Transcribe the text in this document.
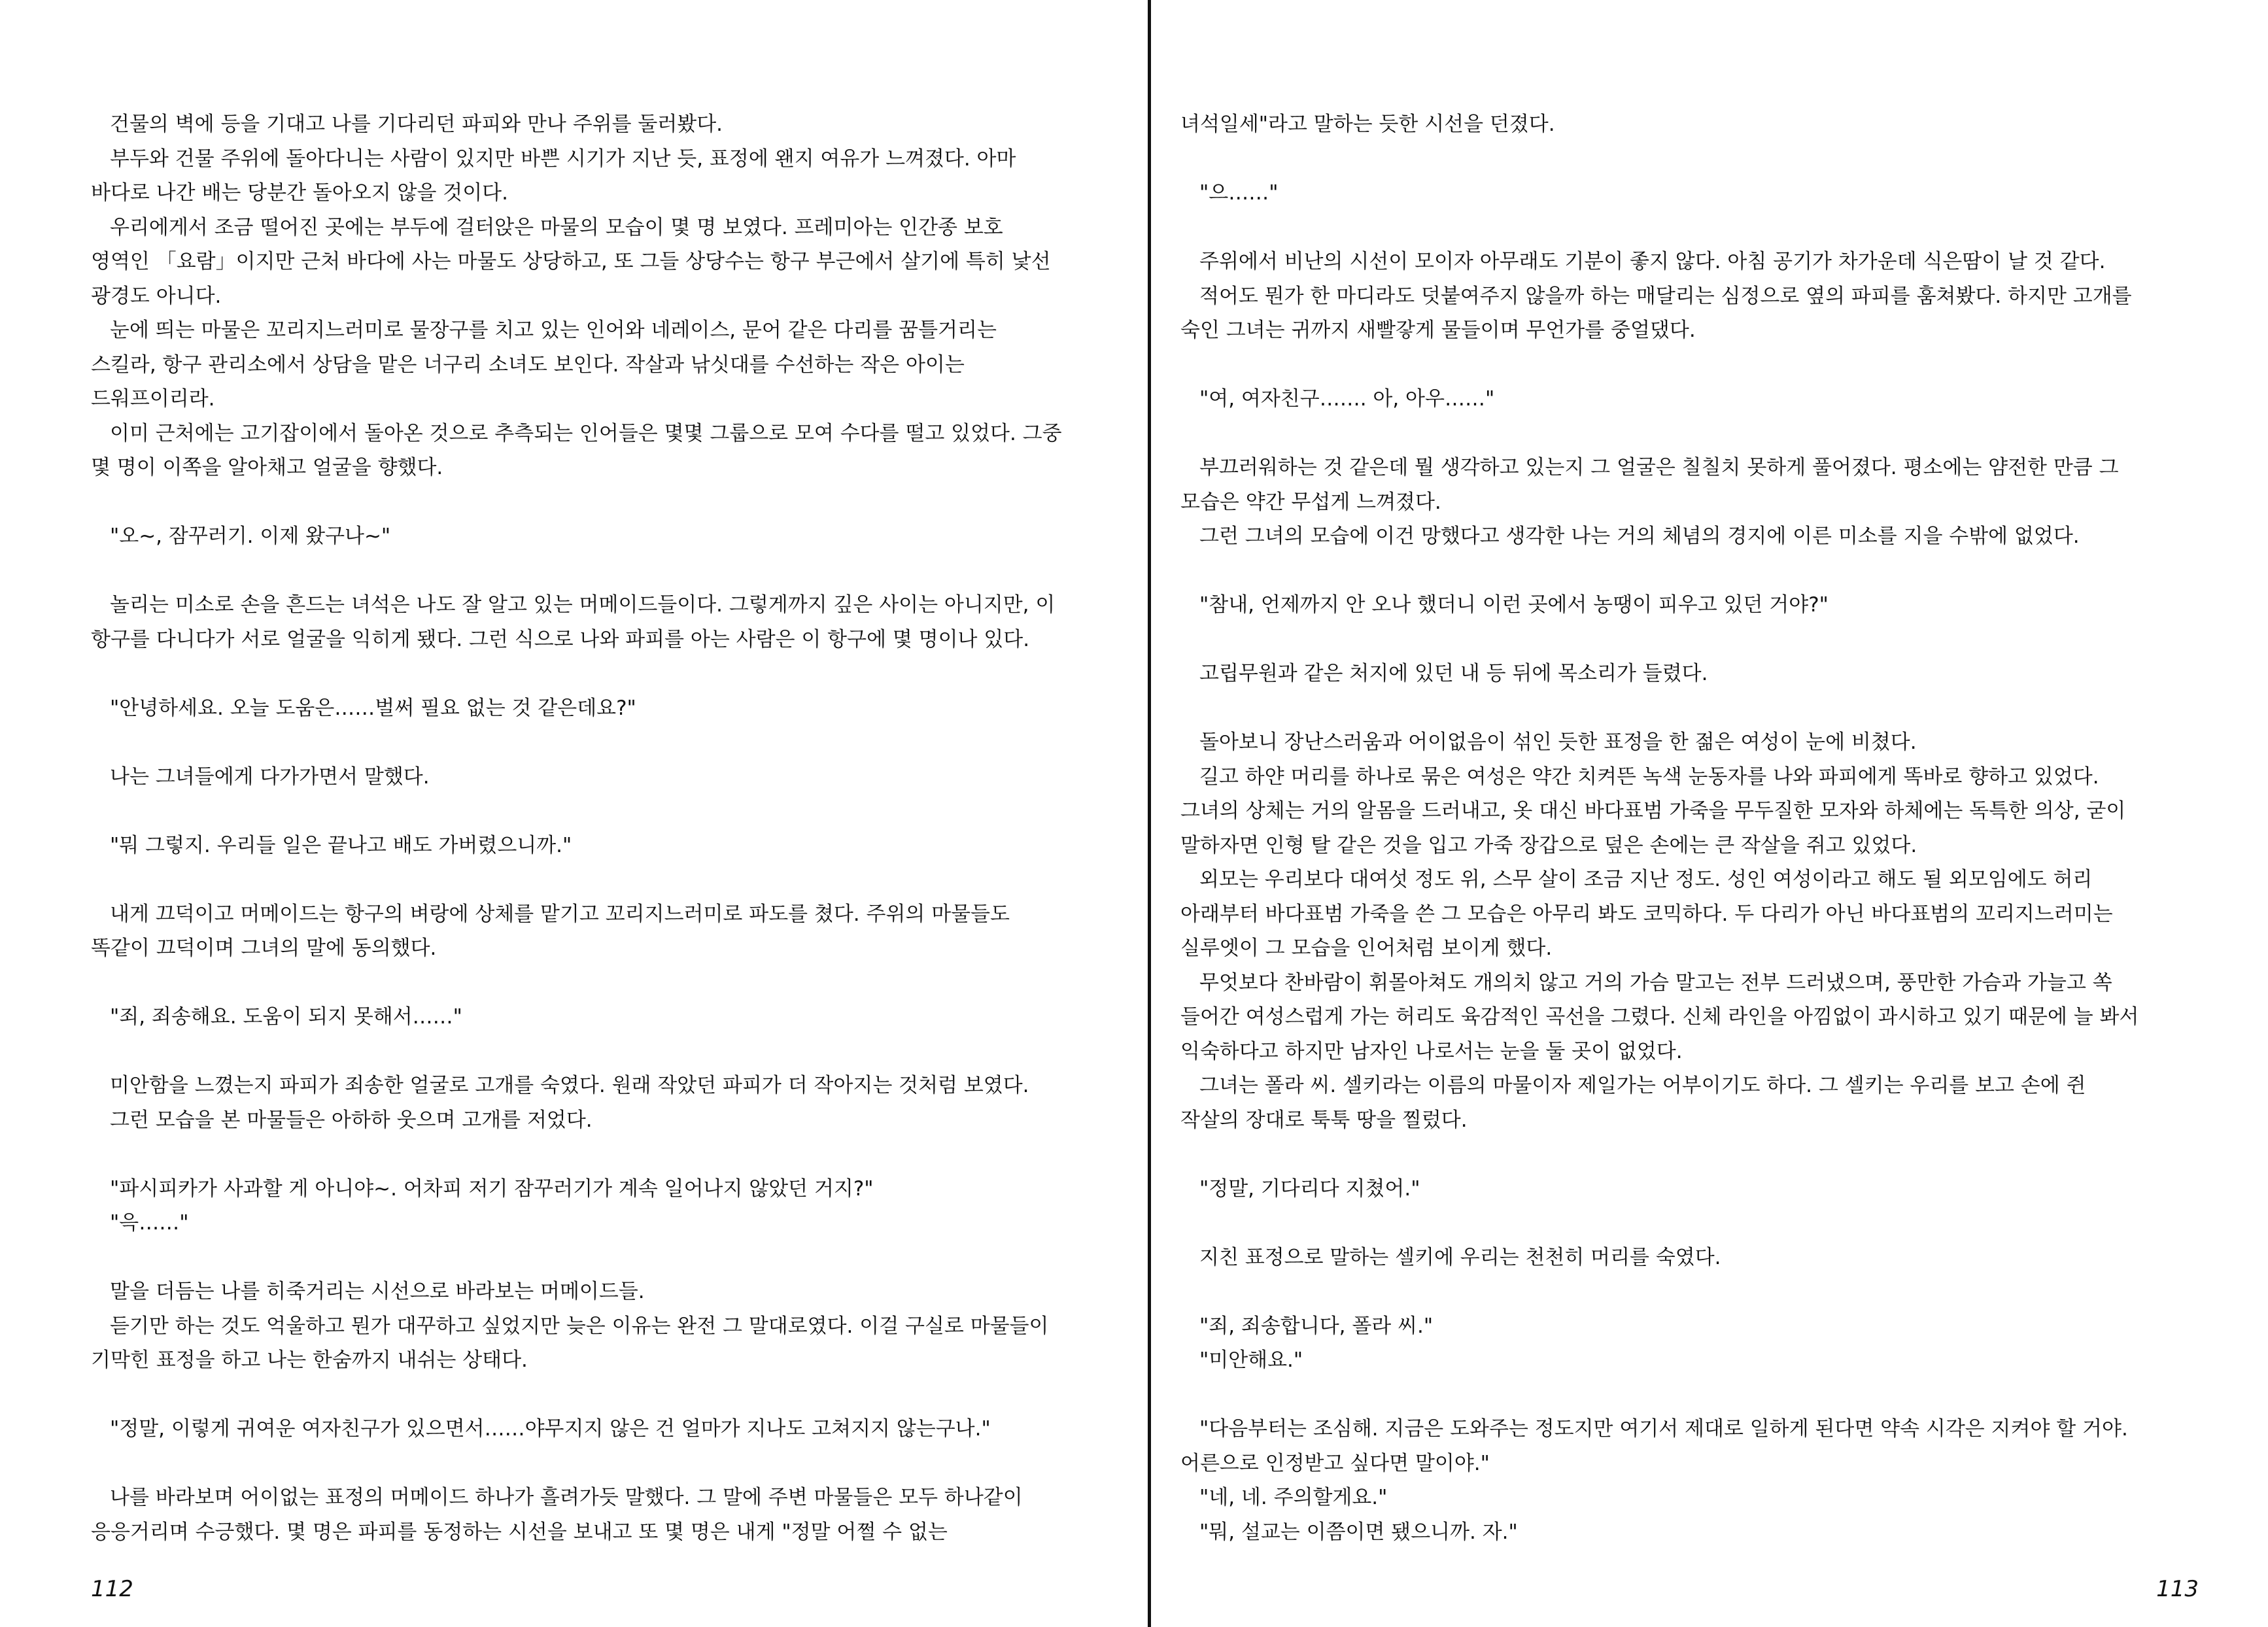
건물의 벽에 등을 기대고 나를 기다리던 파피와 만나 주위를 둘러봤다.
부두와 건물 주위에 돌아다니는 사람이 있지만 바쁜 시기가 지난 듯, 표정에 왠지 여유가 느껴졌다. 아마
바다로 나간 배는 당분간 돌아오지 않을 것이다.
우리에게서 조금 떨어진 곳에는 부두에 걸터앉은 마물의 모습이 몇 명 보였다. 프레미아는 인간종 보호
영역인 「요람」이지만 근처 바다에 사는 마물도 상당하고, 또 그들 상당수는 항구 부근에서 살기에 특히 낯선
광경도 아니다.
눈에 띄는 마물은 꼬리지느러미로 물장구를 치고 있는 인어와 네레이스, 문어 같은 다리를 꿈틀거리는
스킬라, 항구 관리소에서 상담을 맡은 너구리 소녀도 보인다. 작살과 낚싯대를 수선하는 작은 아이는
드워프이리라.
이미 근처에는 고기잡이에서 돌아온 것으로 추측되는 인어들은 몇몇 그룹으로 모여 수다를 떨고 있었다. 그중
몇 명이 이쪽을 알아채고 얼굴을 향했다.
"오~, 잠꾸러기. 이제 왔구나~"
놀리는 미소로 손을 흔드는 녀석은 나도 잘 알고 있는 머메이드들이다. 그렇게까지 깊은 사이는 아니지만, 이
항구를 다니다가 서로 얼굴을 익히게 됐다. 그런 식으로 나와 파피를 아는 사람은 이 항구에 몇 명이나 있다.
"안녕하세요. 오늘 도움은……벌써 필요 없는 것 같은데요?"
나는 그녀들에게 다가가면서 말했다.
"뭐 그렇지. 우리들 일은 끝나고 배도 가버렸으니까."
내게 끄덕이고 머메이드는 항구의 벼랑에 상체를 맡기고 꼬리지느러미로 파도를 쳤다. 주위의 마물들도
똑같이 끄덕이며 그녀의 말에 동의했다.
"죄, 죄송해요. 도움이 되지 못해서……"
미안함을 느꼈는지 파피가 죄송한 얼굴로 고개를 숙였다. 원래 작았던 파피가 더 작아지는 것처럼 보였다.
그런 모습을 본 마물들은 아하하 웃으며 고개를 저었다.
"파시피카가 사과할 게 아니야~. 어차피 저기 잠꾸러기가 계속 일어나지 않았던 거지?"
"윽……"
말을 더듬는 나를 히죽거리는 시선으로 바라보는 머메이드들.
듣기만 하는 것도 억울하고 뭔가 대꾸하고 싶었지만 늦은 이유는 완전 그 말대로였다. 이걸 구실로 마물들이
기막힌 표정을 하고 나는 한숨까지 내쉬는 상태다.
"정말, 이렇게 귀여운 여자친구가 있으면서……야무지지 않은 건 얼마가 지나도 고쳐지지 않는구나."
나를 바라보며 어이없는 표정의 머메이드 하나가 흘려가듯 말했다. 그 말에 주변 마물들은 모두 하나같이
응응거리며 수긍했다. 몇 명은 파피를 동정하는 시선을 보내고 또 몇 명은 내게 "정말 어쩔 수 없는
112
녀석일세"라고 말하는 듯한 시선을 던졌다.
"으……"
주위에서 비난의 시선이 모이자 아무래도 기분이 좋지 않다. 아침 공기가 차가운데 식은땀이 날 것 같다.
적어도 뭔가 한 마디라도 덧붙여주지 않을까 하는 매달리는 심정으로 옆의 파피를 훔쳐봤다. 하지만 고개를
숙인 그녀는 귀까지 새빨갛게 물들이며 무언가를 중얼댔다.
"여, 여자친구……. 아, 아우……"
부끄러워하는 것 같은데 뭘 생각하고 있는지 그 얼굴은 칠칠치 못하게 풀어졌다. 평소에는 얌전한 만큼 그
모습은 약간 무섭게 느껴졌다.
그런 그녀의 모습에 이건 망했다고 생각한 나는 거의 체념의 경지에 이른 미소를 지을 수밖에 없었다.
"참내, 언제까지 안 오나 했더니 이런 곳에서 농땡이 피우고 있던 거야?"
고립무원과 같은 처지에 있던 내 등 뒤에 목소리가 들렸다.
돌아보니 장난스러움과 어이없음이 섞인 듯한 표정을 한 젊은 여성이 눈에 비쳤다.
길고 하얀 머리를 하나로 묶은 여성은 약간 치켜뜬 녹색 눈동자를 나와 파피에게 똑바로 향하고 있었다.
그녀의 상체는 거의 알몸을 드러내고, 옷 대신 바다표범 가죽을 무두질한 모자와 하체에는 독특한 의상, 굳이
말하자면 인형 탈 같은 것을 입고 가죽 장갑으로 덮은 손에는 큰 작살을 쥐고 있었다.
외모는 우리보다 대여섯 정도 위, 스무 살이 조금 지난 정도. 성인 여성이라고 해도 될 외모임에도 허리
아래부터 바다표범 가죽을 쓴 그 모습은 아무리 봐도 코믹하다. 두 다리가 아닌 바다표범의 꼬리지느러미는
실루엣이 그 모습을 인어처럼 보이게 했다.
무엇보다 찬바람이 휘몰아쳐도 개의치 않고 거의 가슴 말고는 전부 드러냈으며, 풍만한 가슴과 가늘고 쏙
들어간 여성스럽게 가는 허리도 육감적인 곡선을 그렸다. 신체 라인을 아낌없이 과시하고 있기 때문에 늘 봐서
익숙하다고 하지만 남자인 나로서는 눈을 둘 곳이 없었다.
그녀는 폴라 씨. 셀키라는 이름의 마물이자 제일가는 어부이기도 하다. 그 셀키는 우리를 보고 손에 쥔
작살의 장대로 툭툭 땅을 찔렀다.
"정말, 기다리다 지쳤어."
지친 표정으로 말하는 셀키에 우리는 천천히 머리를 숙였다.
"죄, 죄송합니다, 폴라 씨."
"미안해요."
"다음부터는 조심해. 지금은 도와주는 정도지만 여기서 제대로 일하게 된다면 약속 시각은 지켜야 할 거야.
어른으로 인정받고 싶다면 말이야."
"네, 네. 주의할게요."
"뭐, 설교는 이쯤이면 됐으니까. 자."
113
